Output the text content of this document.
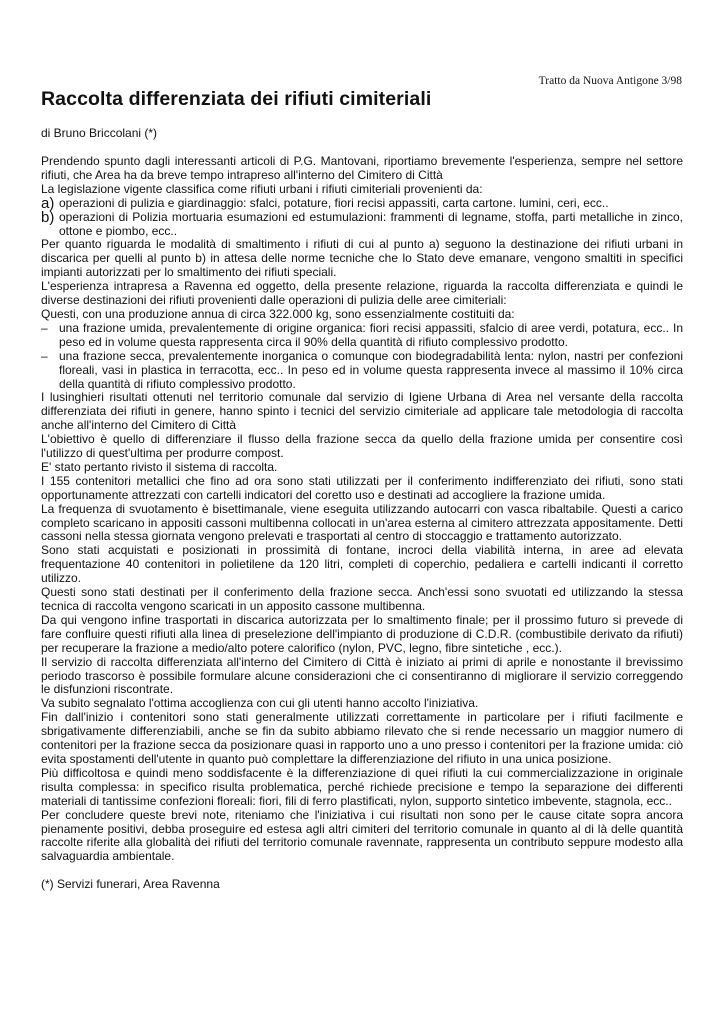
Tratto da Nuova Antigone 3/98
Raccolta differenziata dei rifiuti cimiteriali
di Bruno Briccolani (*)

Prendendo spunto dagli interessanti articoli di P.G. Mantovani, riportiamo brevemente l'esperienza, sempre nel settore rifiuti, che Area ha da breve tempo intrapreso all'interno del Cimitero di Città

La legislazione vigente classifica come rifiuti urbani i rifiuti cimiteriali provenienti da:

a) operazioni di pulizia e giardinaggio: sfalci, potature, fiori recisi appassiti, carta cartone. lumini, ceri, ecc..
b) operazioni di Polizia mortuaria esumazioni ed estumulazioni: frammenti di legname, stoffa, parti metalliche in zinco, ottone e piombo, ecc..

Per quanto riguarda le modalità di smaltimento i rifiuti di cui al punto a) seguono la destinazione dei rifiuti urbani in discarica per quelli al punto b) in attesa delle norme tecniche che lo Stato deve emanare, vengono smaltiti in specifici impianti autorizzati per lo smaltimento dei rifiuti speciali.

L'esperienza intrapresa a Ravenna ed oggetto, della presente relazione, riguarda la raccolta differenziata e quindi le diverse destinazioni dei rifiuti provenienti dalle operazioni di pulizia delle aree cimiteriali:

Questi, con una produzione annua di circa 322.000 kg, sono essenzialmente costituiti da:

– una frazione umida, prevalentemente di origine organica: fiori recisi appassiti, sfalcio di aree verdi, potatura, ecc.. In peso ed in volume questa rappresenta circa il 90% della quantità di rifiuto complessivo prodotto.
– una frazione secca, prevalentemente inorganica o comunque con biodegradabilità lenta: nylon, nastri per confezioni floreali, vasi in plastica in terracotta, ecc.. In peso ed in volume questa rappresenta invece al massimo il 10% circa della quantità di rifiuto complessivo prodotto.

I lusinghieri risultati ottenuti nel territorio comunale dal servizio di Igiene Urbana di Area nel versante della raccolta differenziata dei rifiuti in genere, hanno spinto i tecnici del servizio cimiteriale ad applicare tale metodologia di raccolta anche all'interno del Cimitero di Città

L'obiettivo è quello di differenziare il flusso della frazione secca da quello della frazione umida per consentire così l'utilizzo di quest'ultima per produrre compost.

E' stato pertanto rivisto il sistema di raccolta.

I 155 contenitori metallici che fino ad ora sono stati utilizzati per il conferimento indifferenziato dei rifiuti, sono stati opportunamente attrezzati con cartelli indicatori del coretto uso e destinati ad accogliere la frazione umida.

La frequenza di svuotamento è bisettimanale, viene eseguita utilizzando autocarri con vasca ribaltabile. Questi a carico completo scaricano in appositi cassoni multibenna collocati in un'area esterna al cimitero attrezzata appositamente. Detti cassoni nella stessa giornata vengono prelevati e trasportati al centro di stoccaggio e trattamento autorizzato.

Sono stati acquistati e posizionati in prossimità di fontane, incroci della viabilità interna, in aree ad elevata frequentazione 40 contenitori in polietilene da 120 litri, completi di coperchio, pedaliera e cartelli indicanti il corretto utilizzo.

Questi sono stati destinati per il conferimento della frazione secca. Anch'essi sono svuotati ed utilizzando la stessa tecnica di raccolta vengono scaricati in un apposito cassone multibenna.

Da qui vengono infine trasportati in discarica autorizzata per lo smaltimento finale; per il prossimo futuro si prevede di fare confluire questi rifiuti alla linea di preselezione dell'impianto di produzione di C.D.R. (combustibile derivato da rifiuti) per recuperare la frazione a medio/alto potere calorifico (nylon, PVC, legno, fibre sintetiche , ecc.).

Il servizio di raccolta differenziata all'interno del Cimitero di Città è iniziato ai primi di aprile e nonostante il brevissimo periodo trascorso è possibile formulare alcune considerazioni che ci consentiranno di migliorare il servizio correggendo le disfunzioni riscontrate.

Va subito segnalato l'ottima accoglienza con cui gli utenti hanno accolto l'iniziativa.

Fin dall'inizio i contenitori sono stati generalmente utilizzati correttamente in particolare per i rifiuti facilmente e sbrigativamente differenziabili, anche se fin da subito abbiamo rilevato che si rende necessario un maggior numero di contenitori per la frazione secca da posizionare quasi in rapporto uno a uno presso i contenitori per la frazione umida: ciò evita spostamenti dell'utente in quanto può complettare la differenziazione del rifiuto in una unica posizione.

Più difficoltosa e quindi meno soddisfacente è la differenziazione di quei rifiuti la cui commercializzazione in originale risulta complessa: in specifico risulta problematica, perché richiede precisione e tempo la separazione dei differenti materiali di tantissime confezioni floreali: fiori, fili di ferro plastificati, nylon, supporto sintetico imbevente, stagnola, ecc..

Per concludere queste brevi note, riteniamo che l'iniziativa i cui risultati non sono per le cause citate sopra ancora pienamente positivi, debba proseguire ed estesa agli altri cimiteri del territorio comunale in quanto al di là delle quantità raccolte riferite alla globalità dei rifiuti del territorio comunale ravennate, rappresenta un contributo seppure modesto alla salvaguardia ambientale.

(*) Servizi funerari, Area Ravenna
